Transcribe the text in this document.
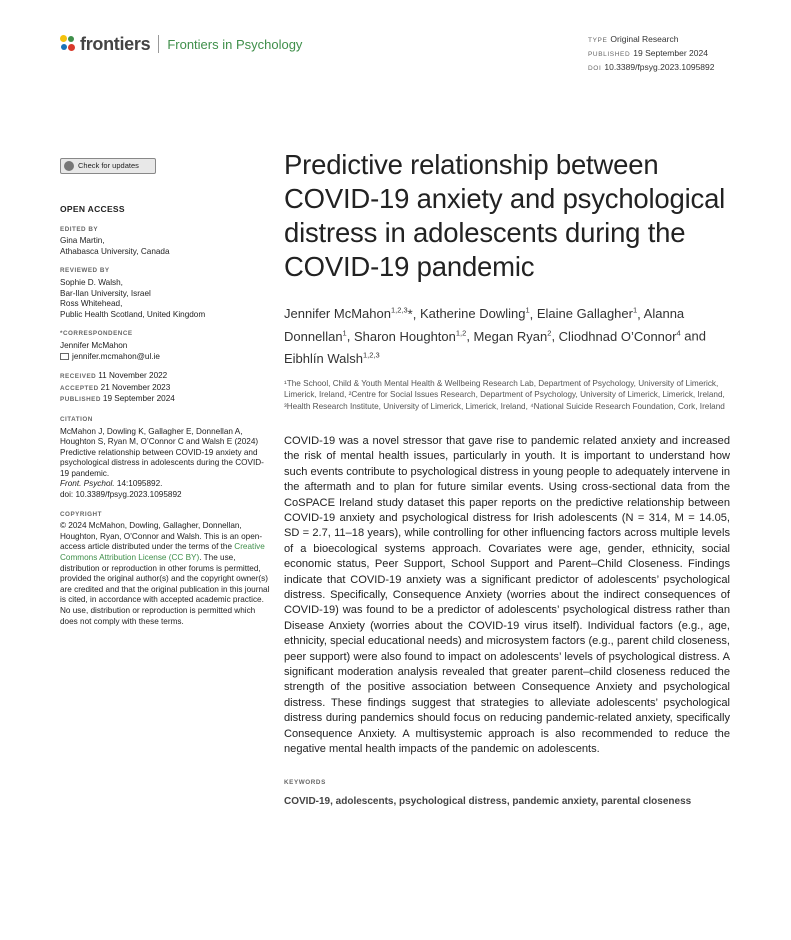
frontiers Frontiers in Psychology	TYPE Original Research
PUBLISHED 19 September 2024
DOI 10.3389/fpsyg.2023.1095892
Check for updates
OPEN ACCESS
EDITED BY
Gina Martin,
Athabasca University, Canada
REVIEWED BY
Sophie D. Walsh,
Bar-Ilan University, Israel
Ross Whitehead,
Public Health Scotland, United Kingdom
*CORRESPONDENCE
Jennifer McMahon
jennifer.mcmahon@ul.ie
RECEIVED 11 November 2022
ACCEPTED 21 November 2023
PUBLISHED 19 September 2024
CITATION
McMahon J, Dowling K, Gallagher E, Donnellan A, Houghton S, Ryan M, O’Connor C and Walsh E (2024) Predictive relationship between COVID-19 anxiety and psychological distress in adolescents during the COVID-19 pandemic.
Front. Psychol. 14:1095892.
doi: 10.3389/fpsyg.2023.1095892
COPYRIGHT
© 2024 McMahon, Dowling, Gallagher, Donnellan, Houghton, Ryan, O’Connor and Walsh. This is an open-access article distributed under the terms of the Creative Commons Attribution License (CC BY). The use, distribution or reproduction in other forums is permitted, provided the original author(s) and the copyright owner(s) are credited and that the original publication in this journal is cited, in accordance with accepted academic practice. No use, distribution or reproduction is permitted which does not comply with these terms.
Predictive relationship between COVID-19 anxiety and psychological distress in adolescents during the COVID-19 pandemic
Jennifer McMahon$^{1,2,3}$*, Katherine Dowling$^1$, Elaine Gallagher$^1$, Alanna Donnellan$^1$, Sharon Houghton$^{1,2}$, Megan Ryan$^2$, Cliodhnad O’Connor$^4$ and Eibhlín Walsh$^{1,2,3}$
¹The School, Child & Youth Mental Health & Wellbeing Research Lab, Department of Psychology, University of Limerick, Limerick, Ireland, ²Centre for Social Issues Research, Department of Psychology, University of Limerick, Limerick, Ireland, ³Health Research Institute, University of Limerick, Limerick, Ireland, ⁴National Suicide Research Foundation, Cork, Ireland
COVID-19 was a novel stressor that gave rise to pandemic related anxiety and increased the risk of mental health issues, particularly in youth. It is important to understand how such events contribute to psychological distress in young people to adequately intervene in the aftermath and to plan for future similar events. Using cross-sectional data from the CoSPACE Ireland study dataset this paper reports on the predictive relationship between COVID-19 anxiety and psychological distress for Irish adolescents (N = 314, M = 14.05, SD = 2.7, 11–18 years), while controlling for other influencing factors across multiple levels of a bioecological systems approach. Covariates were age, gender, ethnicity, social economic status, Peer Support, School Support and Parent–Child Closeness. Findings indicate that COVID-19 anxiety was a significant predictor of adolescents’ psychological distress. Specifically, Consequence Anxiety (worries about the indirect consequences of COVID-19) was found to be a predictor of adolescents’ psychological distress rather than Disease Anxiety (worries about the COVID-19 virus itself). Individual factors (e.g., age, ethnicity, special educational needs) and microsystem factors (e.g., parent child closeness, peer support) were also found to impact on adolescents’ levels of psychological distress. A significant moderation analysis revealed that greater parent–child closeness reduced the strength of the positive association between Consequence Anxiety and psychological distress. These findings suggest that strategies to alleviate adolescents’ psychological distress during pandemics should focus on reducing pandemic-related anxiety, specifically Consequence Anxiety. A multisystemic approach is also recommended to reduce the negative mental health impacts of the pandemic on adolescents.
KEYWORDS
COVID-19, adolescents, psychological distress, pandemic anxiety, parental closeness
